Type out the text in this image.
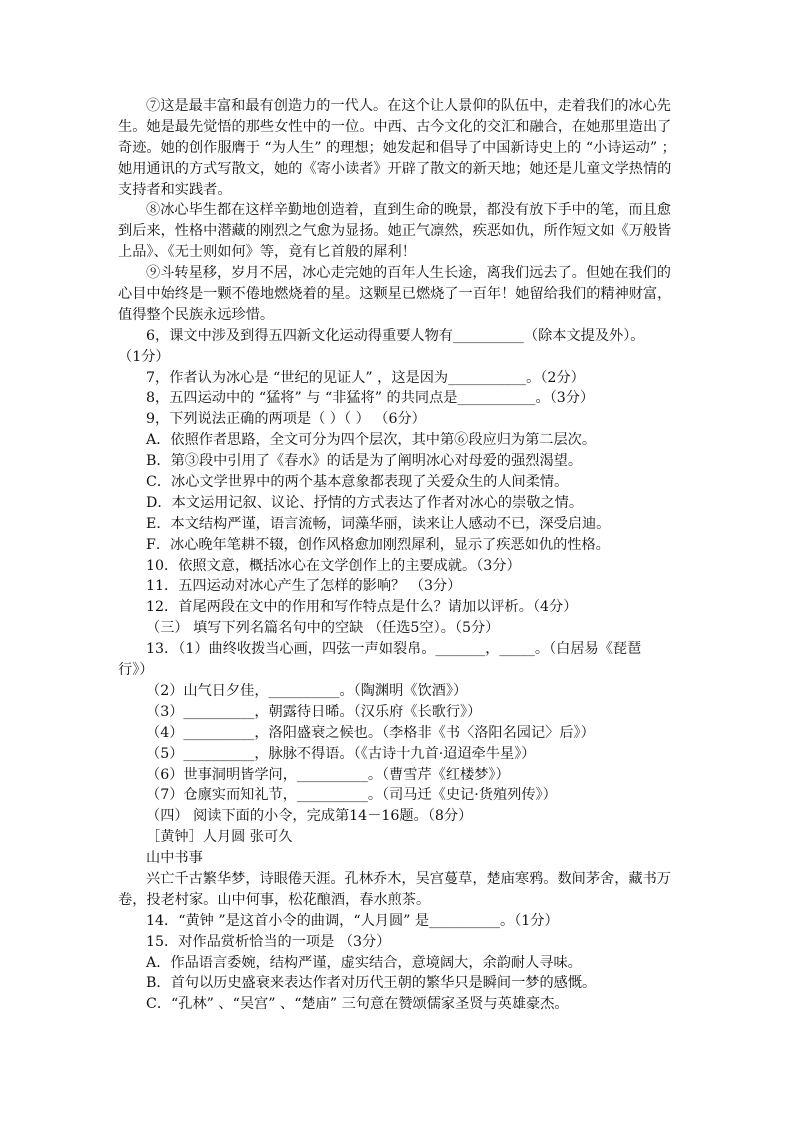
⑦这是最丰富和最有创造力的一代人。在这个让人景仰的队伍中，走着我们的冰心先
生。她是最先觉悟的那些女性中的一位。中西、古今文化的交汇和融合，在她那里造出了
奇迹。她的创作服膺于 “为人生” 的理想；她发起和倡导了中国新诗史上的 “小诗运动” ；
她用通讯的方式写散文，她的《寄小读者》开辟了散文的新天地；她还是儿童文学热情的
支持者和实践者。
⑧冰心毕生都在这样辛勤地创造着，直到生命的晚景，都没有放下手中的笔，而且愈
到后来，性格中潜藏的刚烈之气愈为显扬。她正气凛然，疾恶如仇，所作短文如《万般皆
上品》、《无士则如何》等，竟有匕首般的犀利！
⑨斗转星移，岁月不居，冰心走完她的百年人生长途，离我们远去了。但她在我们的
心目中始终是一颗不倦地燃烧着的星。这颗星已燃烧了一百年！她留给我们的精神财富，
值得整个民族永远珍惜。
6，课文中涉及到得五四新文化运动得重要人物有__________（除本文提及外）。
（1分）
7，作者认为冰心是 “世纪的见证人” ，这是因为___________。（2分）
8，五四运动中的 “猛将” 与 “非猛将” 的共同点是___________。（3分）
9，下列说法正确的两项是（ ）（ ） （6分）
A．依照作者思路，全文可分为四个层次，其中第⑥段应归为第二层次。
B．第③段中引用了《春水》的话是为了阐明冰心对母爱的强烈渴望。
C．冰心文学世界中的两个基本意象都表现了关爱众生的人间柔情。
D．本文运用记叙、议论、抒情的方式表达了作者对冰心的崇敬之情。
E．本文结构严谨，语言流畅，词藻华丽，读来让人感动不已，深受启迪。
F．冰心晚年笔耕不辍，创作风格愈加刚烈犀利，显示了疾恶如仇的性格。
10．依照文意，概括冰心在文学创作上的主要成就。（3分）
11．五四运动对冰心产生了怎样的影响？ （3分）
12．首尾两段在文中的作用和写作特点是什么？请加以评析。（4分）
（三） 填写下列名篇名句中的空缺 （任选5空）。（5分）
13．（1）曲终收拨当心画，四弦一声如裂帛。_______，_____。（白居易《琵琶
行》）
（2）山气日夕佳，__________。（陶渊明《饮酒》）
（3）__________，朝露待日晞。（汉乐府《长歌行》）
（4）__________，洛阳盛衰之候也。（李格非《书〈洛阳名园记〉后》）
（5）__________，脉脉不得语。（《古诗十九首·迢迢牵牛星》）
（6）世事洞明皆学问，__________。（曹雪芹《红楼梦》）
（7）仓廪实而知礼节，__________。（司马迁《史记·货殖列传》）
（四） 阅读下面的小令，完成第14－16题。（8分）
［黄钟］人月圆 张可久
山中书事
兴亡千古繁华梦，诗眼倦天涯。孔林乔木，吴宫蔓草，楚庙寒鸦。数间茅舍，藏书万
卷，投老村家。山中何事，松花酿酒，春水煎茶。
14．“黄钟 ”是这首小令的曲调，“人月圆” 是__________。（1分）
15．对作品赏析恰当的一项是 （3分）
A．作品语言委婉，结构严谨，虚实结合，意境阔大，余韵耐人寻味。
B．首句以历史盛衰来表达作者对历代王朝的繁华只是瞬间一梦的感慨。
C．“孔林” 、“吴宫” 、“楚庙” 三句意在赞颂儒家圣贤与英雄豪杰。
